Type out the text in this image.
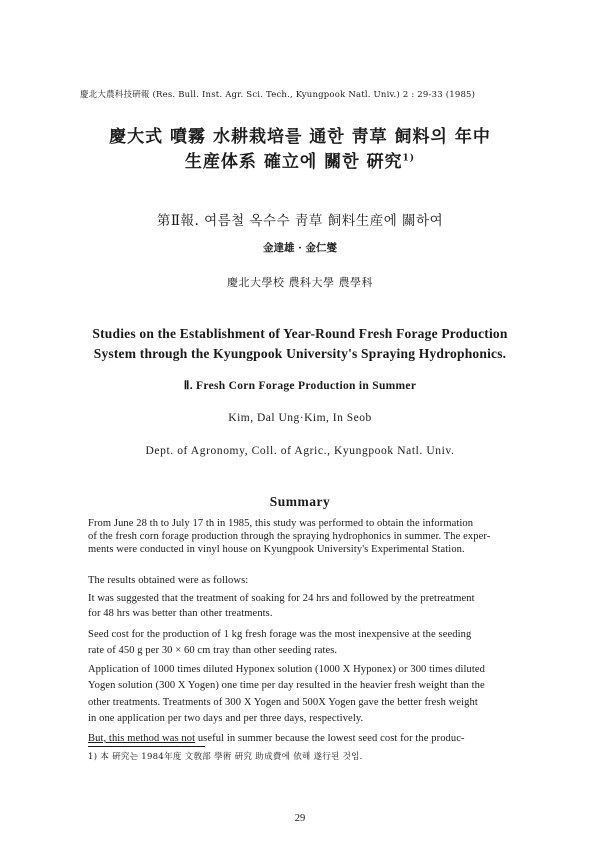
慶北大農科技硏報 (Res. Bull. Inst. Agr. Sci. Tech., Kyungpook Natl. Univ.) 2 : 29-33 (1985)
慶大式 噴霧 水耕栽培를 通한 靑草 飼料의 年中
生産体系 確立에 關한 硏究$^{1)}$
第Ⅱ報. 여름철 옥수수 靑草 飼料生産에 關하여
金達雄 · 金仁燮
慶北大學校 農科大學 農學科
Studies on the Establishment of Year-Round Fresh Forage Production
System through the Kyungpook University's Spraying Hydrophonics.
Ⅱ. Fresh Corn Forage Production in Summer
Kim, Dal Ung·Kim, In Seob
Dept. of Agronomy, Coll. of Agric., Kyungpook Natl. Univ.
Summary
From June 28 th to July 17 th in 1985, this study was performed to obtain the information
of the fresh corn forage production through the spraying hydrophonics in summer. The exper-
ments were conducted in vinyl house on Kyungpook University's Experimental Station.
The results obtained were as follows:
It was suggested that the treatment of soaking for 24 hrs and followed by the pretreatment
for 48 hrs was better than other treatments.
Seed cost for the production of 1 kg fresh forage was the most inexpensive at the seeding
rate of 450 g per 30 × 60 cm tray than other seeding rates.
Application of 1000 times diluted Hyponex solution (1000 X Hyponex) or 300 times diluted
Yogen solution (300 X Yogen) one time per day resulted in the heavier fresh weight than the
other treatments. Treatments of 300 X Yogen and 500X Yogen gave the better fresh weight
in one application per two days and per three days, respectively.
But, this method was not useful in summer because the lowest seed cost for the produc-
1) 本 硏究는 1984年度 文敎部 學術 硏究 助成費에 依해 遂行된 것임.
29
